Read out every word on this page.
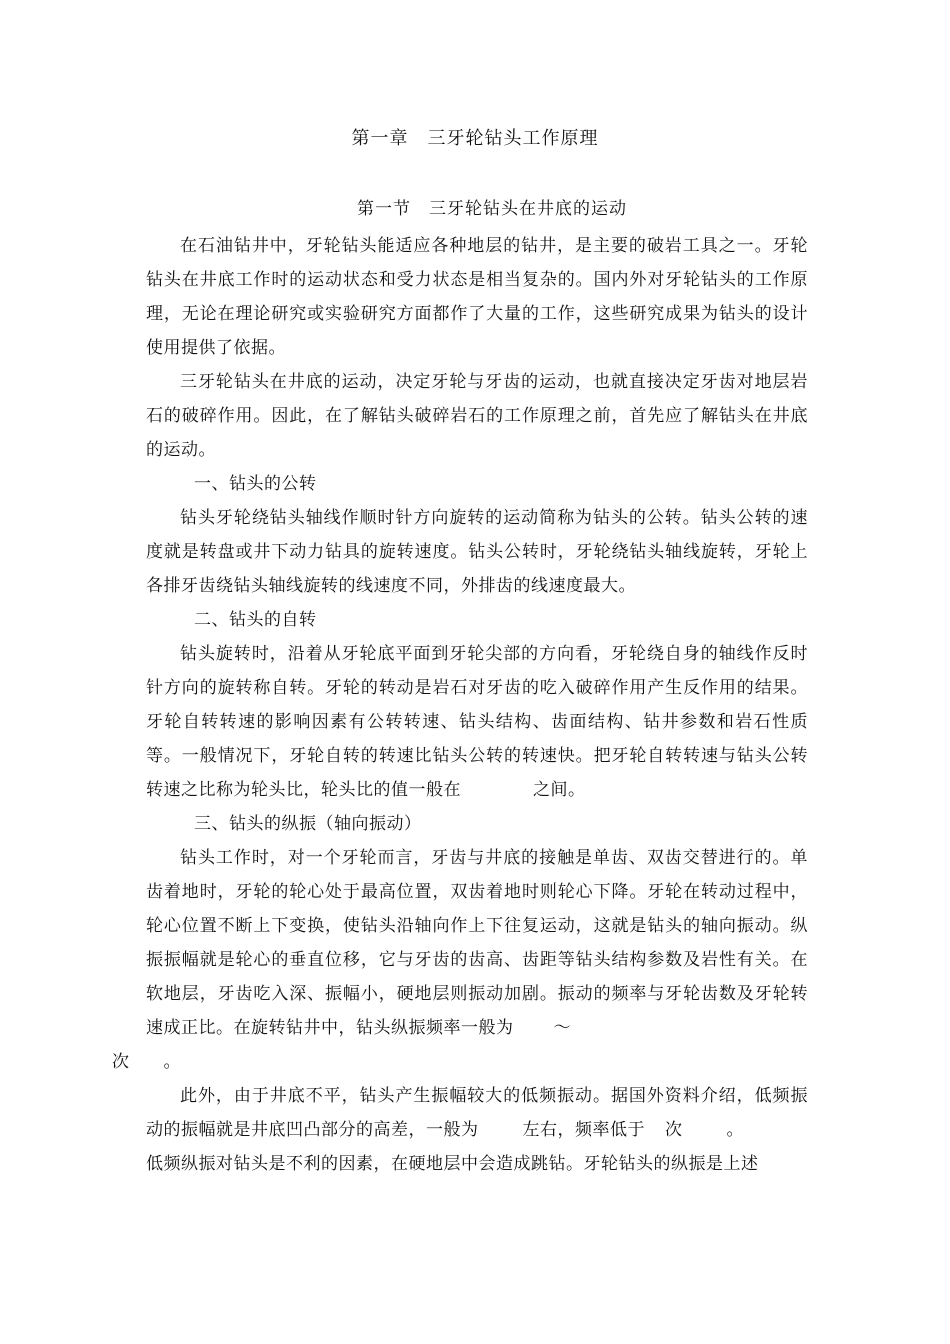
第一章　三牙轮钻头工作原理
第一节　三牙轮钻头在井底的运动

在石油钻井中，牙轮钻头能适应各种地层的钻井，是主要的破岩工具之一。牙轮钻头在井底工作时的运动状态和受力状态是相当复杂的。国内外对牙轮钻头的工作原理，无论在理论研究或实验研究方面都作了大量的工作，这些研究成果为钻头的设计使用提供了依据。

三牙轮钻头在井底的运动，决定牙轮与牙齿的运动，也就直接决定牙齿对地层岩石的破碎作用。因此，在了解钻头破碎岩石的工作原理之前，首先应了解钻头在井底的运动。

一、钻头的公转

钻头牙轮绕钻头轴线作顺时针方向旋转的运动简称为钻头的公转。钻头公转的速度就是转盘或井下动力钻具的旋转速度。钻头公转时，牙轮绕钻头轴线旋转，牙轮上各排牙齿绕钻头轴线旋转的线速度不同，外排齿的线速度最大。

二、钻头的自转

钻头旋转时，沿着从牙轮底平面到牙轮尖部的方向看，牙轮绕自身的轴线作反时针方向的旋转称自转。牙轮的转动是岩石对牙齿的吃入破碎作用产生反作用的结果。牙轮自转转速的影响因素有公转转速、钻头结构、齿面结构、钻井参数和岩石性质等。一般情况下，牙轮自转的转速比钻头公转的转速快。把牙轮自转转速与钻头公转转速之比称为轮头比，轮头比的值一般在	之间。

三、钻头的纵振（轴向振动）

钻头工作时，对一个牙轮而言，牙齿与井底的接触是单齿、双齿交替进行的。单齿着地时，牙轮的轮心处于最高位置，双齿着地时则轮心下降。牙轮在转动过程中，轮心位置不断上下变换，使钻头沿轴向作上下往复运动，这就是钻头的轴向振动。纵振振幅就是轮心的垂直位移，它与牙齿的齿高、齿距等钻头结构参数及岩性有关。在软地层，牙齿吃入深、振幅小，硬地层则振动加剧。振动的频率与牙轮齿数及牙轮转速成正比。在旋转钻井中，钻头纵振频率一般为 ～
次 。

此外，由于井底不平，钻头产生振幅较大的低频振动。据国外资料介绍，低频振动的振幅就是井底凹凸部分的高差，一般为	左右，频率低于 次	。

低频纵振对钻头是不利的因素，在硬地层中会造成跳钻。牙轮钻头的纵振是上述
